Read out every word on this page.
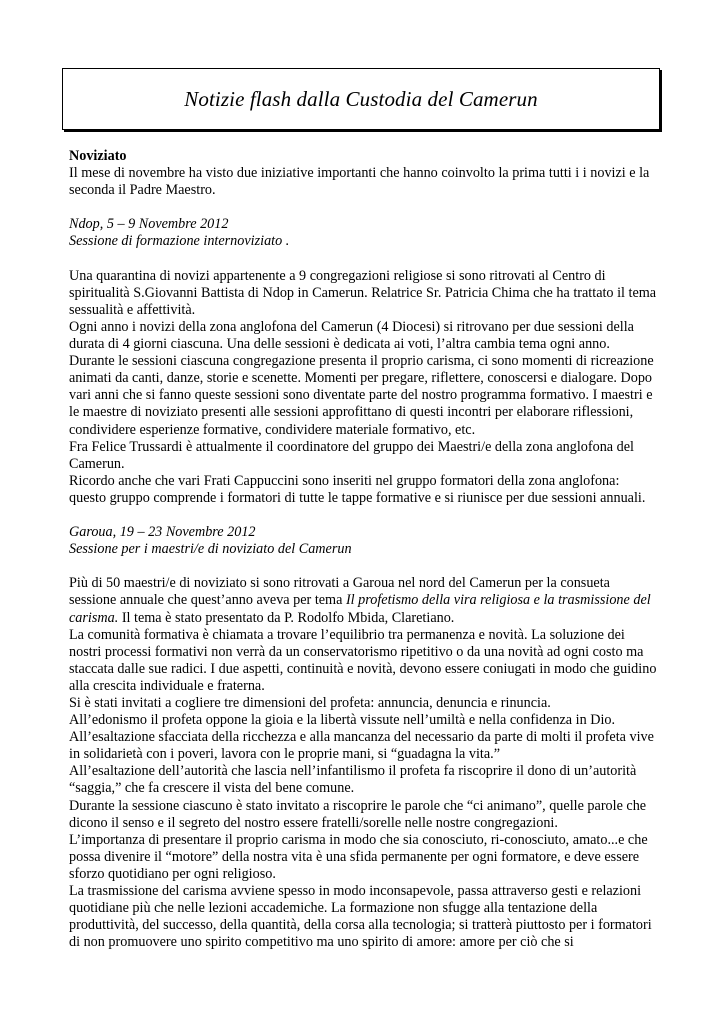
Notizie flash dalla Custodia del Camerun

Noviziato

Il mese di novembre ha visto due iniziative importanti che hanno coinvolto la prima tutti i i novizi e la seconda il Padre Maestro.

Ndop, 5 – 9 Novembre 2012

Sessione di formazione internoviziato .

Una quarantina di novizi appartenente a 9 congregazioni religiose si sono ritrovati al Centro di spiritualità S.Giovanni Battista di Ndop in Camerun. Relatrice Sr. Patricia Chima che ha trattato il tema sessualità e affettività.

Ogni anno i novizi della zona anglofona del Camerun (4 Diocesi) si ritrovano per due sessioni della durata di 4 giorni ciascuna. Una delle sessioni è dedicata ai voti, l’altra cambia tema ogni anno.

Durante le sessioni ciascuna congregazione presenta il proprio carisma, ci sono momenti di ricreazione animati da canti, danze, storie e scenette. Momenti per pregare, riflettere, conoscersi e dialogare. Dopo vari anni che si fanno queste sessioni sono diventate parte del nostro programma formativo. I maestri e le maestre di noviziato presenti alle sessioni approfittano di questi incontri per elaborare riflessioni, condividere esperienze formative, condividere materiale formativo, etc.

Fra Felice Trussardi è attualmente il coordinatore del gruppo dei Maestri/e della zona anglofona del Camerun.

Ricordo anche che vari Frati Cappuccini sono inseriti nel gruppo formatori della zona anglofona: questo gruppo comprende i formatori di tutte le tappe formative e si riunisce per due sessioni annuali.

Garoua, 19 – 23 Novembre 2012

Sessione per i maestri/e di noviziato del Camerun

Più di 50 maestri/e di noviziato si sono ritrovati a Garoua nel nord del Camerun per la consueta sessione annuale che quest’anno aveva per tema Il profetismo della vira religiosa e la trasmissione del carisma. Il tema è stato presentato da P. Rodolfo Mbida, Claretiano.

La comunità formativa è chiamata a trovare l’equilibrio tra permanenza e novità. La soluzione dei nostri processi formativi non verrà da un conservatorismo ripetitivo o da una novità ad ogni costo ma staccata dalle sue radici. I due aspetti, continuità e novità, devono essere coniugati in modo che guidino alla crescita individuale e fraterna.

Si è stati invitati a cogliere tre dimensioni del profeta: annuncia, denuncia e rinuncia.

All’edonismo il profeta oppone la gioia e la libertà vissute nell’umiltà e nella confidenza in Dio.

All’esaltazione sfacciata della ricchezza e alla mancanza del necessario da parte di molti il profeta vive in solidarietà con i poveri, lavora con le proprie mani, si “guadagna la vita.”

All’esaltazione dell’autorità che lascia nell’infantilismo il profeta fa riscoprire il dono di un’autorità “saggia,” che fa crescere il vista del bene comune.

Durante la sessione ciascuno è stato invitato a riscoprire le parole che “ci animano”, quelle parole che dicono il senso e il segreto del nostro essere fratelli/sorelle nelle nostre congregazioni.

L’importanza di presentare il proprio carisma in modo che sia conosciuto, ri-conosciuto, amato...e che possa divenire il “motore” della nostra vita è una sfida permanente per ogni formatore, e deve essere sforzo quotidiano per ogni religioso.

La trasmissione del carisma avviene spesso in modo inconsapevole, passa attraverso gesti e relazioni quotidiane più che nelle lezioni accademiche. La formazione non sfugge alla tentazione della produttività, del successo, della quantità, della corsa alla tecnologia; si tratterà piuttosto per i formatori di non promuovere uno spirito competitivo ma uno spirito di amore: amore per ciò che si
